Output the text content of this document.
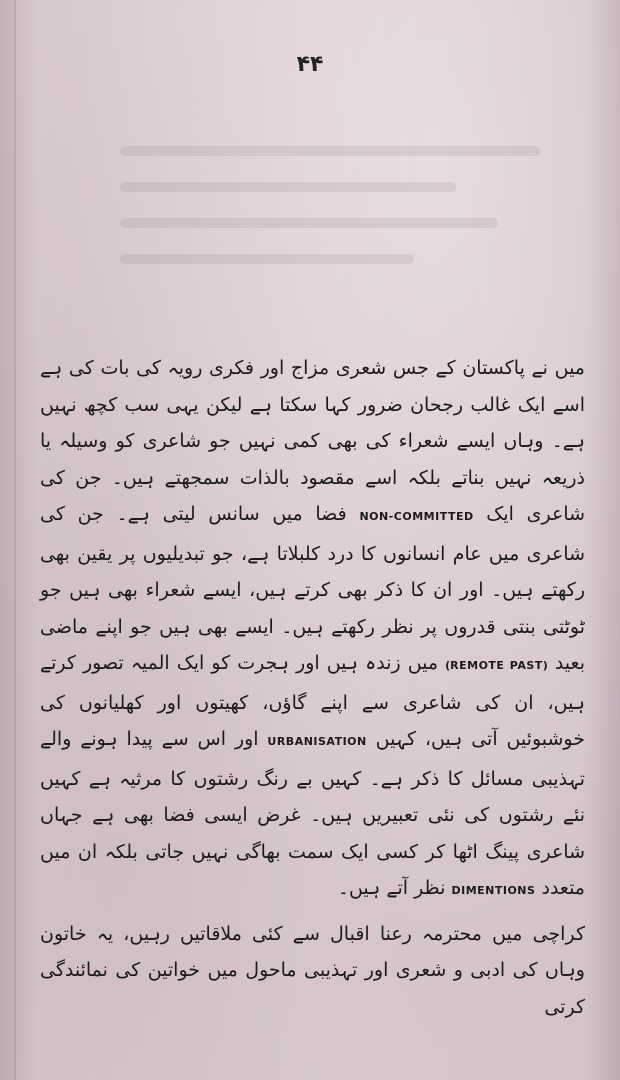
۴۴

میں نے پاکستان کے جس شعری مزاج اور فکری رویہ کی بات کی ہے اسے ایک غالب رجحان ضرور کہا سکتا ہے لیکن یہی سب کچھ نہیں ہے۔ وہاں ایسے شعراء کی بھی کمی نہیں جو شاعری کو وسیلہ یا ذریعہ نہیں بناتے بلکہ اسے مقصود بالذات سمجھتے ہیں۔ جن کی شاعری ایک NON-COMMITTED فضا میں سانس لیتی ہے۔ جن کی شاعری میں عام انسانوں کا درد کلبلاتا ہے، جو تبدیلیوں پر یقین بھی رکھتے ہیں۔ اور ان کا ذکر بھی کرتے ہیں، ایسے شعراء بھی ہیں جو ٹوٹتی بنتی قدروں پر نظر رکھتے ہیں۔ ایسے بھی ہیں جو اپنے ماضی بعید (REMOTE PAST) میں زندہ ہیں اور ہجرت کو ایک المیہ تصور کرتے ہیں، ان کی شاعری سے اپنے گاؤں، کھیتوں اور کھلیانوں کی خوشبوئیں آتی ہیں، کہیں URBANISATION اور اس سے پیدا ہونے والے تہذیبی مسائل کا ذکر ہے۔ کہیں بے رنگ رشتوں کا مرثیہ ہے کہیں نئے رشتوں کی نئی تعبیریں ہیں۔ غرض ایسی فضا بھی ہے جہاں شاعری پینگ اٹھا کر کسی ایک سمت بھاگی نہیں جاتی بلکہ ان میں متعدد DIMENTIONS نظر آتے ہیں۔

کراچی میں محترمہ رعنا اقبال سے کئی ملاقاتیں رہیں، یہ خاتون وہاں کی ادبی و شعری اور تہذیبی ماحول میں خواتین کی نمائندگی کرتی
